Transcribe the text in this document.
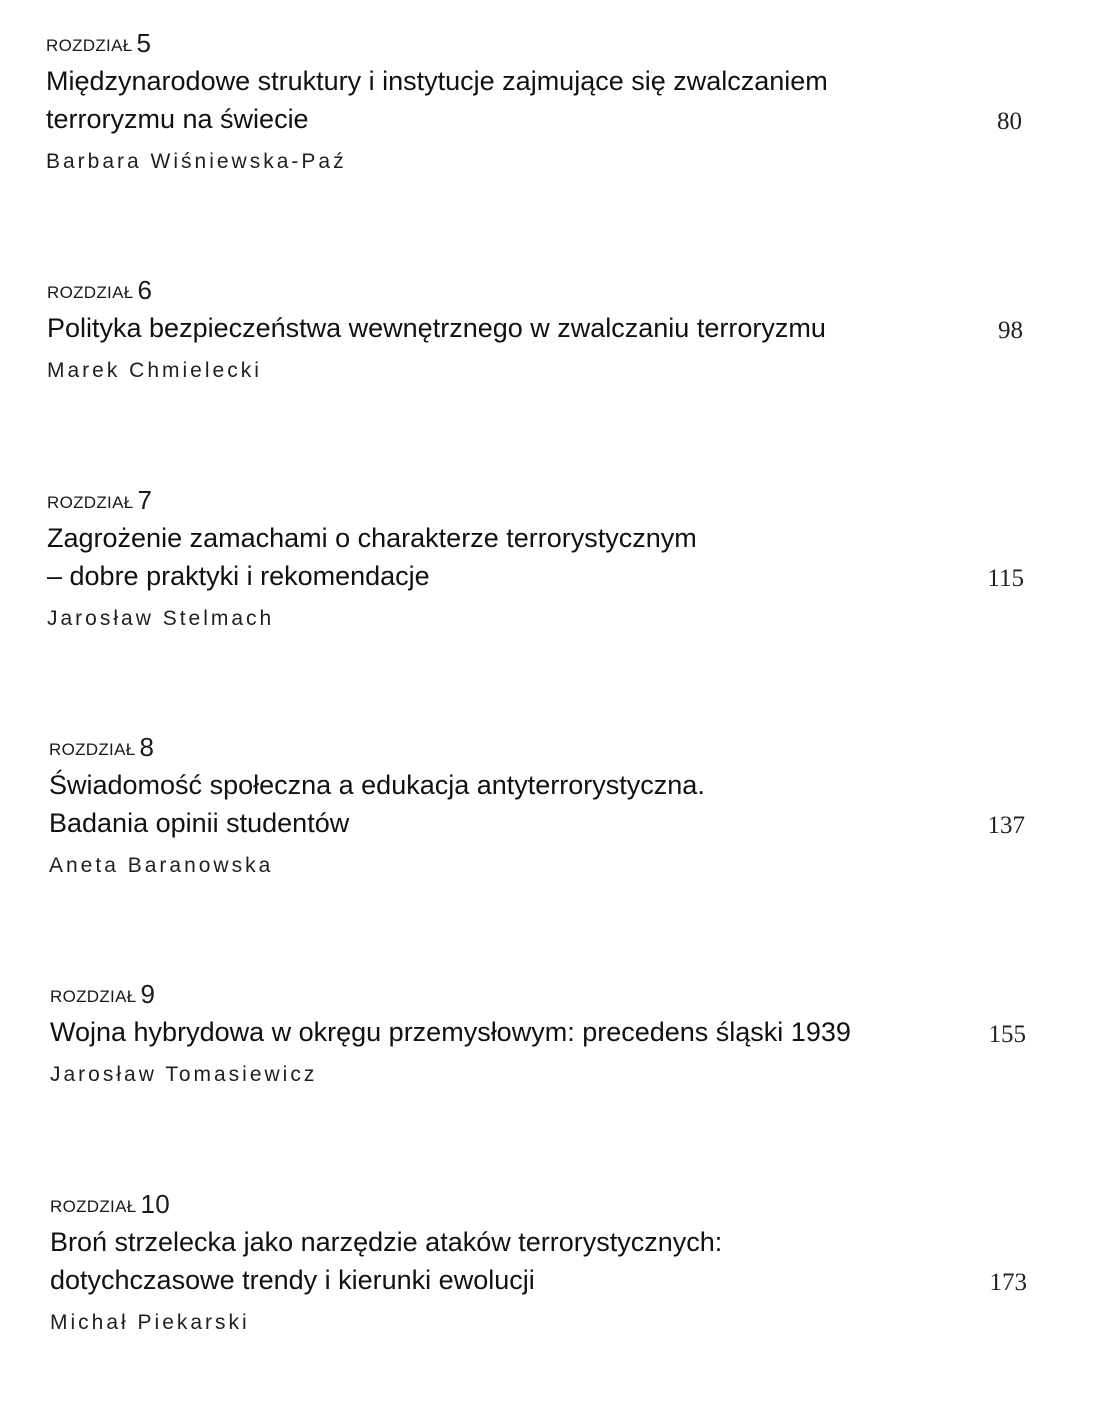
ROZDZIAŁ 5
Międzynarodowe struktury i instytucje zajmujące się zwalczaniem
terroryzmu na świecie	80
Barbara Wiśniewska-Paź
ROZDZIAŁ 6
Polityka bezpieczeństwa wewnętrznego w zwalczaniu terroryzmu	98
Marek Chmielecki
ROZDZIAŁ 7
Zagrożenie zamachami o charakterze terrorystycznym
– dobre praktyki i rekomendacje	115
Jarosław Stelmach
ROZDZIAŁ 8
Świadomość społeczna a edukacja antyterrorystyczna.
Badania opinii studentów	137
Aneta Baranowska
ROZDZIAŁ 9
Wojna hybrydowa w okręgu przemysłowym: precedens śląski 1939	155
Jarosław Tomasiewicz
ROZDZIAŁ 10
Broń strzelecka jako narzędzie ataków terrorystycznych:
dotychczasowe trendy i kierunki ewolucji	173
Michał Piekarski
